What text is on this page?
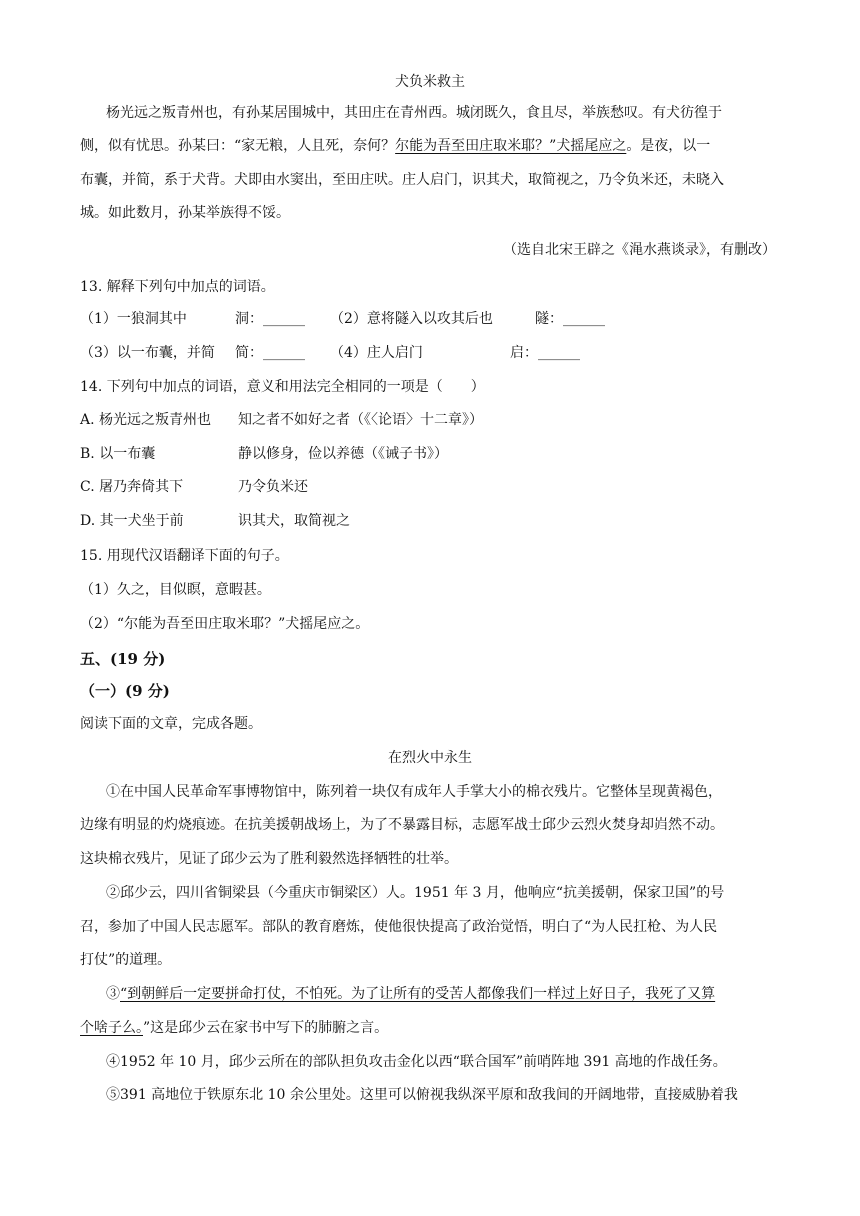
犬负米救主
杨光远之叛青州也，有孙某居围城中，其田庄在青州西。城闭既久，食且尽，举族愁叹。有犬彷徨于
侧，似有忧思。孙某曰：“家无粮，人且死，奈何？尔能为吾至田庄取米耶？”犬摇尾应之。是夜，以一
布囊，并简，系于犬背。犬即由水窦出，至田庄吠。庄人启门，识其犬，取简视之，乃令负米还，未晓入
城。如此数月，孙某举族得不馁。
（选自北宋王辟之《渑水燕谈录》，有删改）
13. 解释下列句中加点的词语。
（1）一狼洞其中	洞：______ （2）意将隧入以攻其后也	隧：______
（3）以一布囊，并简 简：______ （4）庄人启门	启：______
14. 下列句中加点的词语，意义和用法完全相同的一项是（　　）
A. 杨光远之叛青州也 知之者不如好之者（《〈论语〉十二章》）
B. 以一布囊	静以修身，俭以养德（《诫子书》）
C. 屠乃奔倚其下	乃令负米还
D. 其一犬坐于前	识其犬，取简视之
15. 用现代汉语翻译下面的句子。
（1）久之，目似瞑，意暇甚。
（2）“尔能为吾至田庄取米耶？”犬摇尾应之。
五、(19 分)
（一）(9 分)
阅读下面的文章，完成各题。
在烈火中永生
①在中国人民革命军事博物馆中，陈列着一块仅有成年人手掌大小的棉衣残片。它整体呈现黄褐色，
边缘有明显的灼烧痕迹。在抗美援朝战场上，为了不暴露目标，志愿军战士邱少云烈火焚身却岿然不动。
这块棉衣残片，见证了邱少云为了胜利毅然选择牺牲的壮举。
②邱少云，四川省铜梁县（今重庆市铜梁区）人。1951 年 3 月，他响应“抗美援朝，保家卫国”的号
召，参加了中国人民志愿军。部队的教育磨炼，使他很快提高了政治觉悟，明白了“为人民扛枪、为人民
打仗”的道理。
③“到朝鲜后一定要拼命打仗，不怕死。为了让所有的受苦人都像我们一样过上好日子，我死了又算
个啥子么。”这是邱少云在家书中写下的肺腑之言。
④1952 年 10 月，邱少云所在的部队担负攻击金化以西“联合国军”前哨阵地 391 高地的作战任务。
⑤391 高地位于铁原东北 10 余公里处。这里可以俯视我纵深平原和敌我间的开阔地带，直接威胁着我
